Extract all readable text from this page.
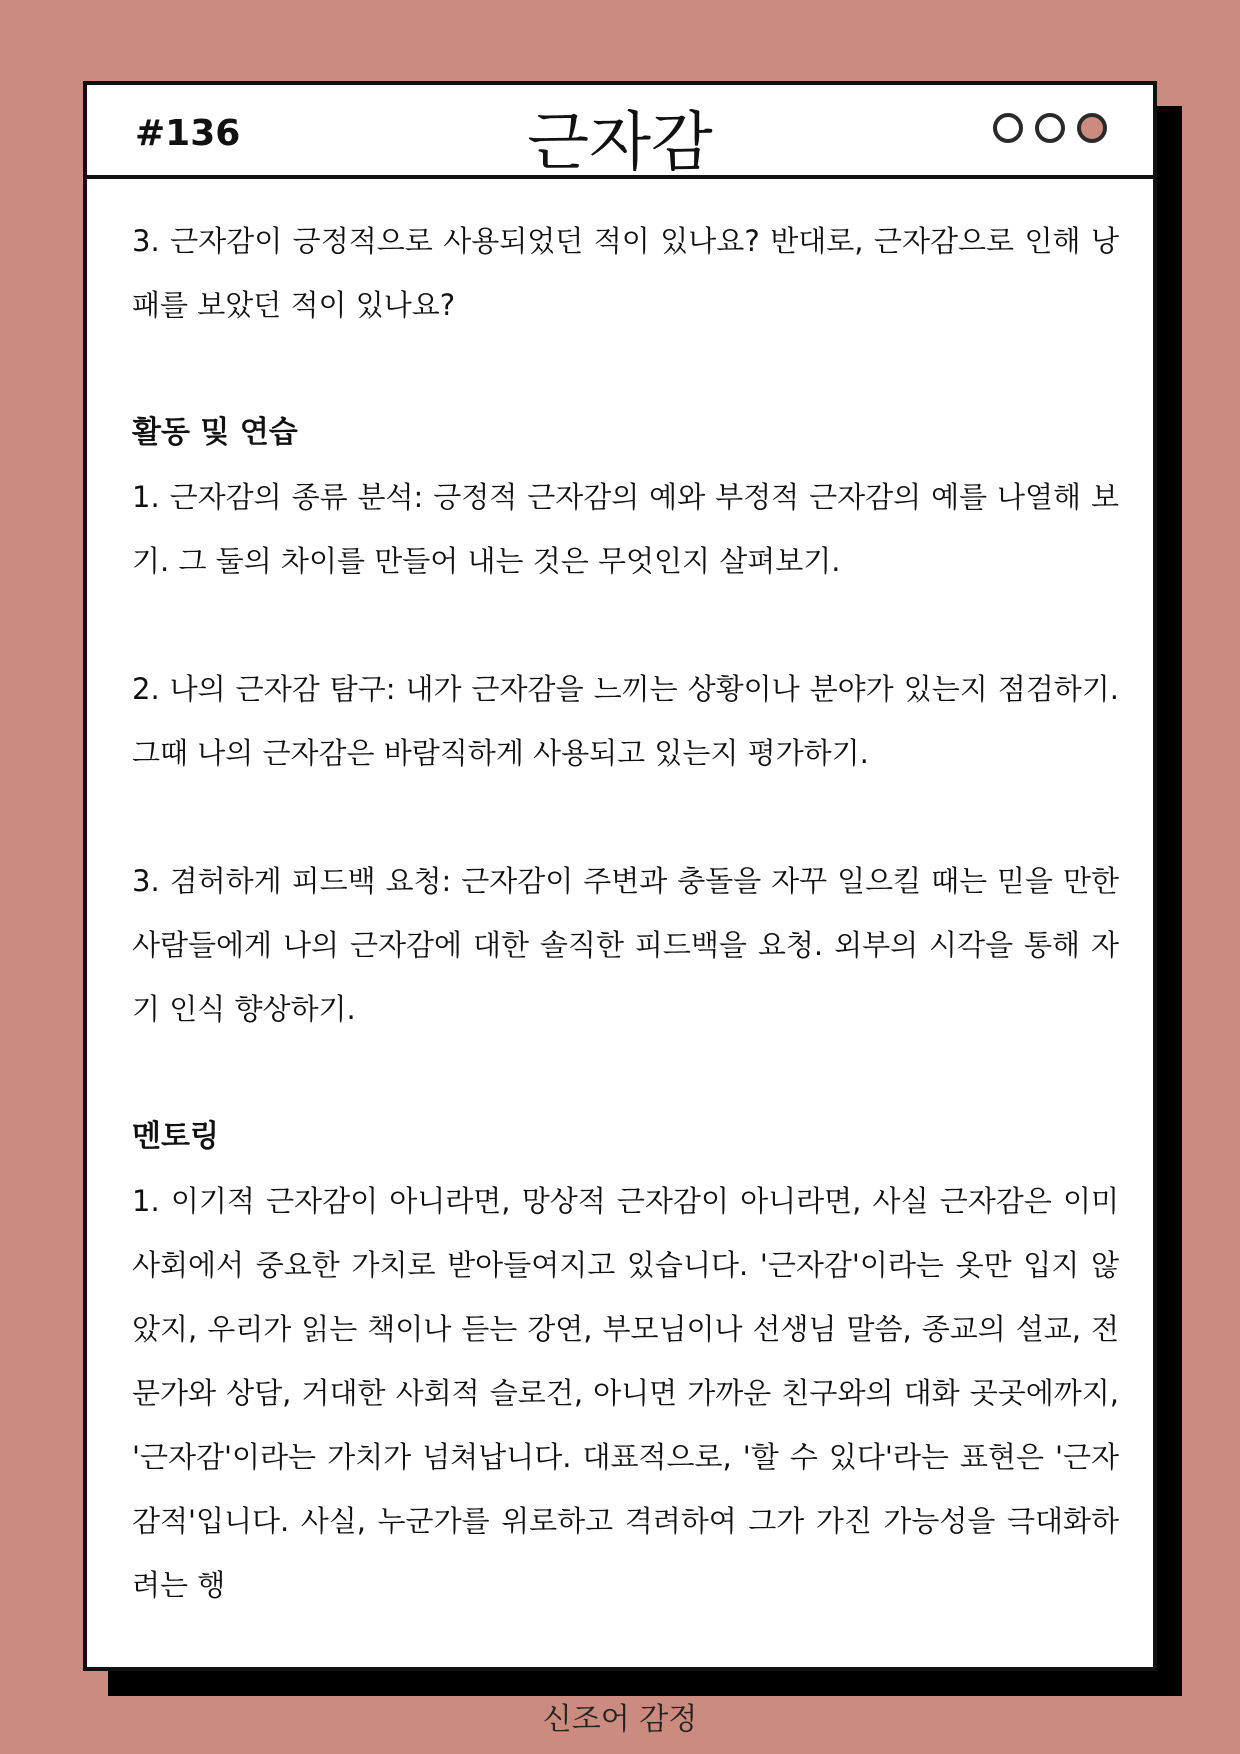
#136	근자감

3. 근자감이 긍정적으로 사용되었던 적이 있나요? 반대로, 근자감으로 인해 낭패를 보았던 적이 있나요?

활동 및 연습

1. 근자감의 종류 분석: 긍정적 근자감의 예와 부정적 근자감의 예를 나열해 보기. 그 둘의 차이를 만들어 내는 것은 무엇인지 살펴보기.

2. 나의 근자감 탐구: 내가 근자감을 느끼는 상황이나 분야가 있는지 점검하기. 그때 나의 근자감은 바람직하게 사용되고 있는지 평가하기.

3. 겸허하게 피드백 요청: 근자감이 주변과 충돌을 자꾸 일으킬 때는 믿을 만한 사람들에게 나의 근자감에 대한 솔직한 피드백을 요청. 외부의 시각을 통해 자기 인식 향상하기.

멘토링

1. 이기적 근자감이 아니라면, 망상적 근자감이 아니라면, 사실 근자감은 이미 사회에서 중요한 가치로 받아들여지고 있습니다. '근자감'이라는 옷만 입지 않았지, 우리가 읽는 책이나 듣는 강연, 부모님이나 선생님 말씀, 종교의 설교, 전문가와 상담, 거대한 사회적 슬로건, 아니면 가까운 친구와의 대화 곳곳에까지, '근자감'이라는 가치가 넘쳐납니다. 대표적으로, '할 수 있다'라는 표현은 '근자감적'입니다. 사실, 누군가를 위로하고 격려하여 그가 가진 가능성을 극대화하려는 행

신조어 감정
